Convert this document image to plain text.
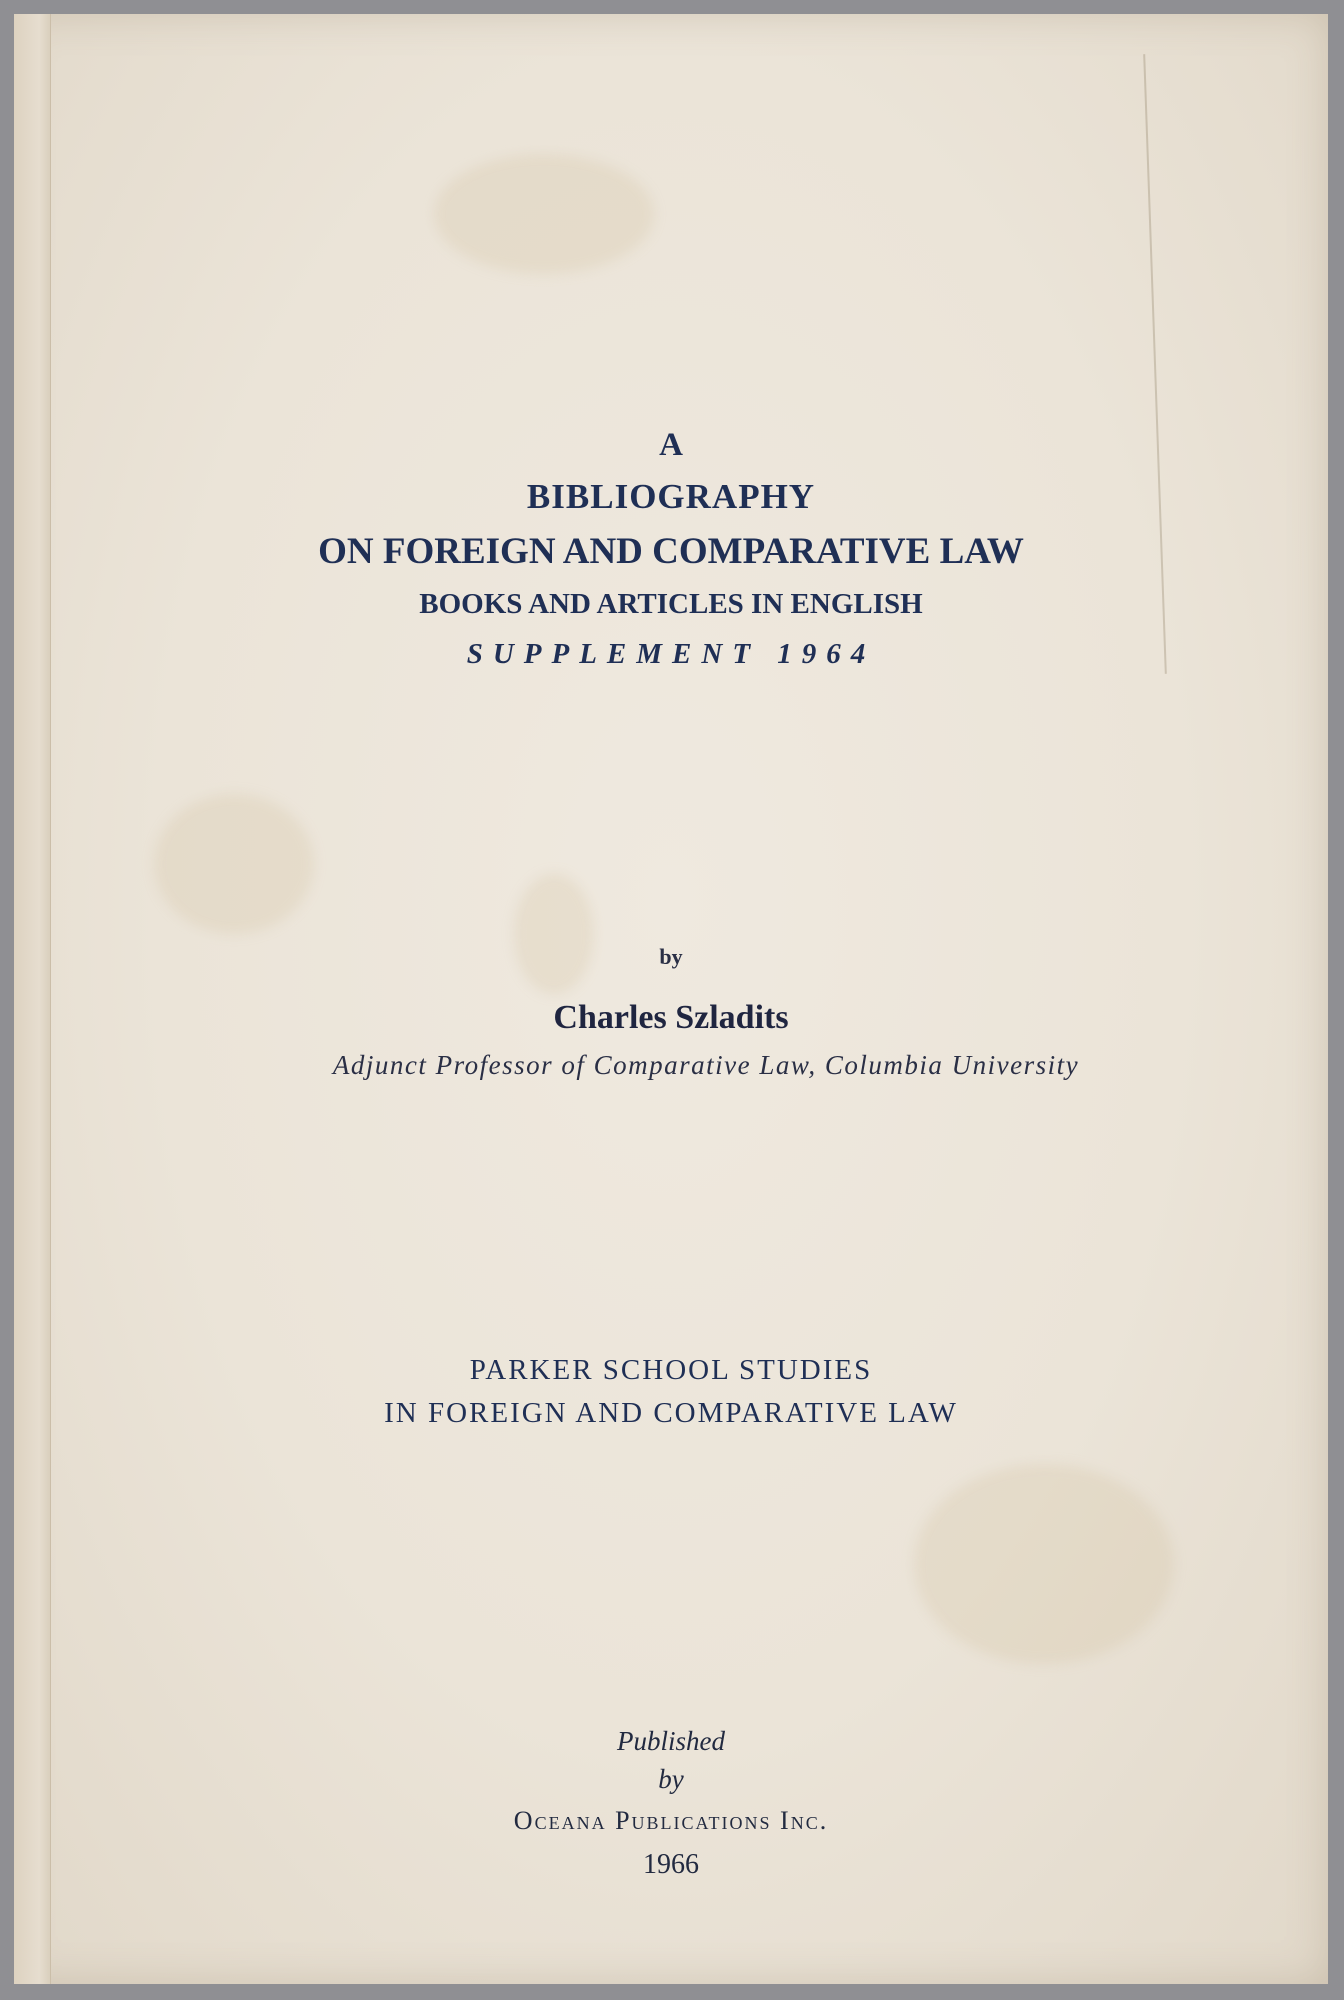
A
BIBLIOGRAPHY
ON FOREIGN AND COMPARATIVE LAW
BOOKS AND ARTICLES IN ENGLISH
SUPPLEMENT 1964
by
Charles Szladits
Adjunct Professor of Comparative Law, Columbia University
PARKER SCHOOL STUDIES
IN FOREIGN AND COMPARATIVE LAW
Published
by
Oceana Publications Inc.
1966
